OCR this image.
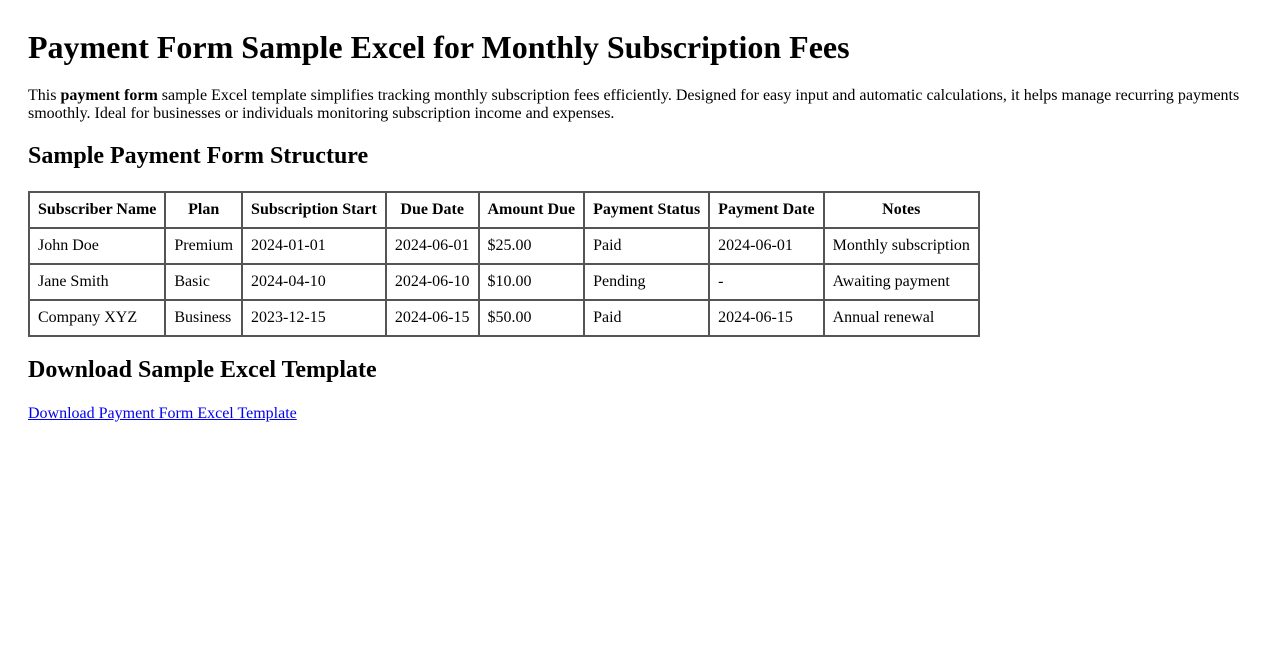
Payment Form Sample Excel for Monthly Subscription Fees

This payment form sample Excel template simplifies tracking monthly subscription fees efficiently. Designed for easy input and automatic calculations, it helps manage recurring payments smoothly. Ideal for businesses or individuals monitoring subscription income and expenses.

Sample Payment Form Structure
Subscriber Name	Plan	Subscription Start	Due Date	Amount Due	Payment Status	Payment Date	Notes
John Doe	Premium	2024-01-01	2024-06-01	$25.00	Paid	2024-06-01	Monthly subscription
Jane Smith	Basic	2024-04-10	2024-06-10	$10.00	Pending	-	Awaiting payment
Company XYZ	Business	2023-12-15	2024-06-15	$50.00	Paid	2024-06-15	Annual renewal
Download Sample Excel Template
Download Payment Form Excel Template
